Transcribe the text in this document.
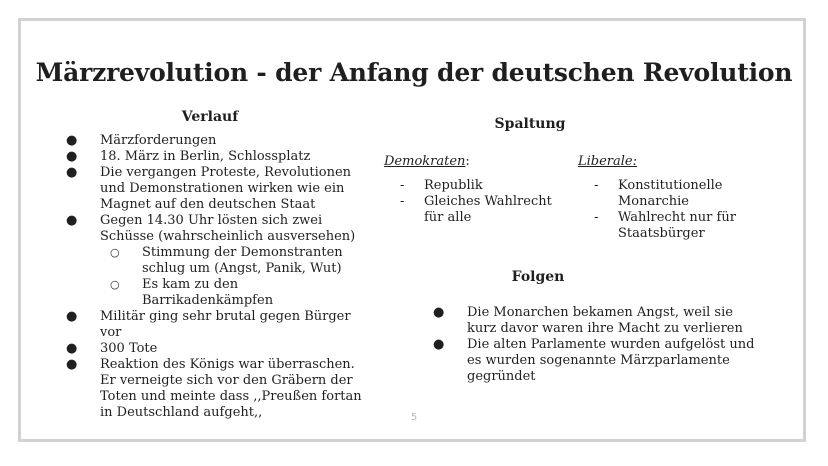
Märzrevolution - der Anfang der deutschen Revolution
Verlauf
● Märzforderungen
● 18. März in Berlin, Schlossplatz
● Die vergangen Proteste, Revolutionen und Demonstrationen wirken wie ein Magnet auf den deutschen Staat
● Gegen 14.30 Uhr lösten sich zwei Schüsse (wahrscheinlich ausversehen)
○ Stimmung der Demonstranten schlug um (Angst, Panik, Wut)
○ Es kam zu den Barrikadenkämpfen
● Militär ging sehr brutal gegen Bürger vor
● 300 Tote
● Reaktion des Königs war überraschen. Er verneigte sich vor den Gräbern der Toten und meinte dass ,,Preußen fortan in Deutschland aufgeht,,
Spaltung
Demokraten:
- Republik
- Gleiches Wahlrecht für alle
Liberale:
- Konstitutionelle Monarchie
- Wahlrecht nur für Staatsbürger
Folgen
● Die Monarchen bekamen Angst, weil sie kurz davor waren ihre Macht zu verlieren
● Die alten Parlamente wurden aufgelöst und es wurden sogenannte Märzparlamente gegründet
5
